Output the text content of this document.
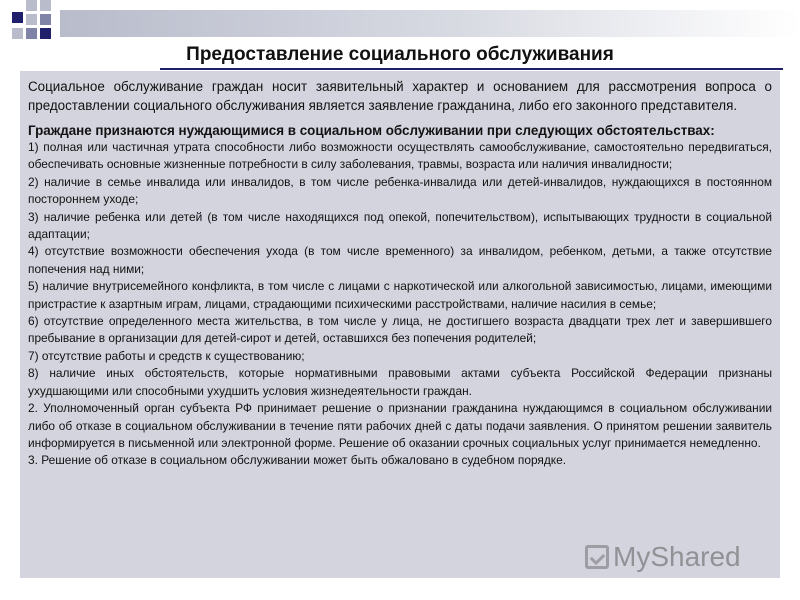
Предоставление социального обслуживания

Социальное обслуживание граждан носит заявительный характер и основанием для рассмотрения вопроса о предоставлении социального обслуживания является заявление гражданина, либо его законного представителя.

Граждане признаются нуждающимися в социальном обслуживании при следующих обстоятельствах:

1) полная или частичная утрата способности либо возможности осуществлять самообслуживание, самостоятельно передвигаться, обеспечивать основные жизненные потребности в силу заболевания, травмы, возраста или наличия инвалидности;

2) наличие в семье инвалида или инвалидов, в том числе ребенка-инвалида или детей-инвалидов, нуждающихся в постоянном постороннем уходе;

3) наличие ребенка или детей (в том числе находящихся под опекой, попечительством), испытывающих трудности в социальной адаптации;

4) отсутствие возможности обеспечения ухода (в том числе временного) за инвалидом, ребенком, детьми, а также отсутствие попечения над ними;

5) наличие внутрисемейного конфликта, в том числе с лицами с наркотической или алкогольной зависимостью, лицами, имеющими пристрастие к азартным играм, лицами, страдающими психическими расстройствами, наличие насилия в семье;

6) отсутствие определенного места жительства, в том числе у лица, не достигшего возраста двадцати трех лет и завершившего пребывание в организации для детей-сирот и детей, оставшихся без попечения родителей;

7) отсутствие работы и средств к существованию;

8) наличие иных обстоятельств, которые нормативными правовыми актами субъекта Российской Федерации признаны ухудшающими или способными ухудшить условия жизнедеятельности граждан.

2. Уполномоченный орган субъекта РФ принимает решение о признании гражданина нуждающимся в социальном обслуживании либо об отказе в социальном обслуживании в течение пяти рабочих дней с даты подачи заявления. О принятом решении заявитель информируется в письменной или электронной форме. Решение об оказании срочных социальных услуг принимается немедленно.

3. Решение об отказе в социальном обслуживании может быть обжаловано в судебном порядке.

MyShared
